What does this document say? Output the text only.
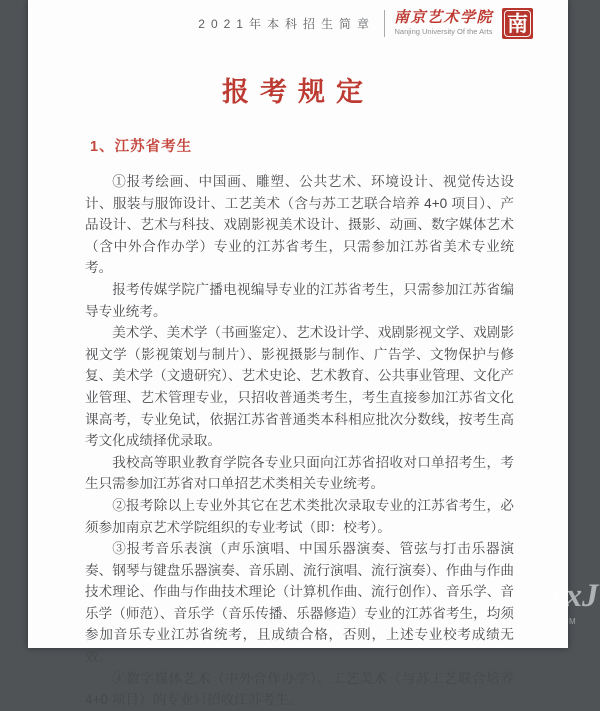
2021年本科招生简章 南京艺术学院
Nanjing University Of the Arts 南
报考规定
1、江苏省考生

①报考绘画、中国画、雕塑、公共艺术、环境设计、视觉传达设计、服装与服饰设计、工艺美术（含与苏工艺联合培养 4+0 项目）、产品设计、艺术与科技、戏剧影视美术设计、摄影、动画、数字媒体艺术（含中外合作办学）专业的江苏省考生，只需参加江苏省美术专业统考。

报考传媒学院广播电视编导专业的江苏省考生，只需参加江苏省编导专业统考。

美术学、美术学（书画鉴定）、艺术设计学、戏剧影视文学、戏剧影视文学（影视策划与制片）、影视摄影与制作、广告学、文物保护与修复、美术学（文遗研究）、艺术史论、艺术教育、公共事业管理、文化产业管理、艺术管理专业，只招收普通类考生，考生直接参加江苏省文化课高考，专业免试，依据江苏省普通类本科相应批次分数线，按考生高考文化成绩择优录取。

我校高等职业教育学院各专业只面向江苏省招收对口单招考生，考生只需参加江苏省对口单招艺术类相关专业统考。

②报考除以上专业外其它在艺术类批次录取专业的江苏省考生，必须参加南京艺术学院组织的专业考试（即：校考）。

③报考音乐表演（声乐演唱、中国乐器演奏、管弦与打击乐器演奏、钢琴与键盘乐器演奏、音乐剧、流行演唱、流行演奏）、作曲与作曲技术理论、作曲与作曲技术理论（计算机作曲、流行创作）、音乐学、音乐学（师范）、音乐学（音乐传播、乐器修造）专业的江苏省考生，均须参加音乐专业江苏省统考，且成绩合格，否则，上述专业校考成绩无效。

④数字媒体艺术（中外合作办学）、工艺美术（与苏工艺联合培养 4+0 项目）的专业只招收江苏考生。

xxJ
COM
